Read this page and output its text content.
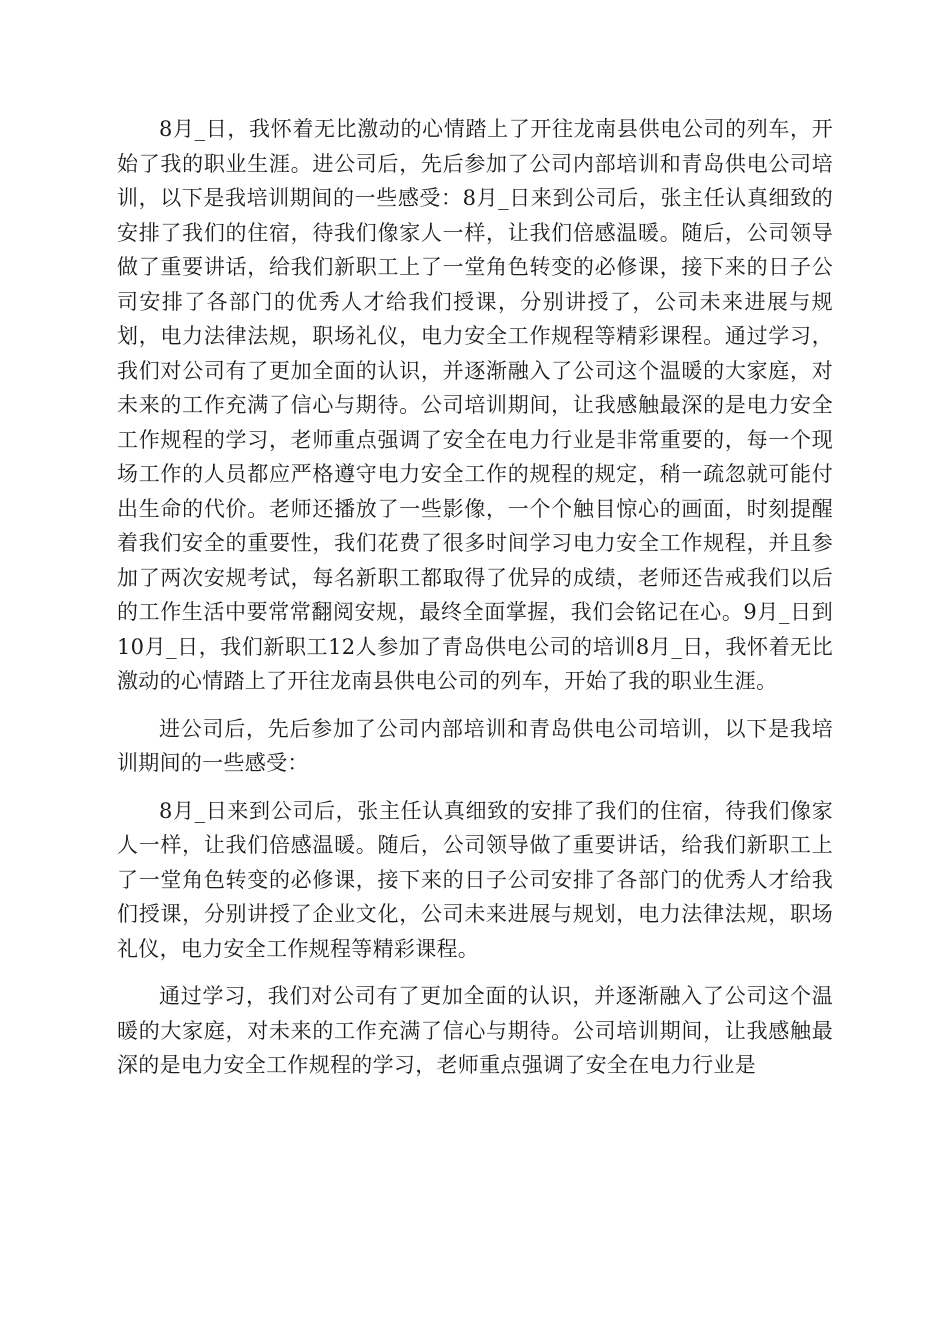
8月_日，我怀着无比激动的心情踏上了开往龙南县供电公司的列车，开始了我的职业生涯。进公司后，先后参加了公司内部培训和青岛供电公司培训，以下是我培训期间的一些感受：8月_日来到公司后，张主任认真细致的安排了我们的住宿，待我们像家人一样，让我们倍感温暖。随后，公司领导做了重要讲话，给我们新职工上了一堂角色转变的必修课，接下来的日子公司安排了各部门的优秀人才给我们授课，分别讲授了，公司未来进展与规划，电力法律法规，职场礼仪，电力安全工作规程等精彩课程。通过学习，我们对公司有了更加全面的认识，并逐渐融入了公司这个温暖的大家庭，对未来的工作充满了信心与期待。公司培训期间，让我感触最深的是电力安全工作规程的学习，老师重点强调了安全在电力行业是非常重要的，每一个现场工作的人员都应严格遵守电力安全工作的规程的规定，稍一疏忽就可能付出生命的代价。老师还播放了一些影像，一个个触目惊心的画面，时刻提醒着我们安全的重要性，我们花费了很多时间学习电力安全工作规程，并且参加了两次安规考试，每名新职工都取得了优异的成绩，老师还告戒我们以后的工作生活中要常常翻阅安规，最终全面掌握，我们会铭记在心。9月_日到10月_日，我们新职工12人参加了青岛供电公司的培训8月_日，我怀着无比激动的心情踏上了开往龙南县供电公司的列车，开始了我的职业生涯。

进公司后，先后参加了公司内部培训和青岛供电公司培训，以下是我培训期间的一些感受：

8月_日来到公司后，张主任认真细致的安排了我们的住宿，待我们像家人一样，让我们倍感温暖。随后，公司领导做了重要讲话，给我们新职工上了一堂角色转变的必修课，接下来的日子公司安排了各部门的优秀人才给我们授课，分别讲授了企业文化，公司未来进展与规划，电力法律法规，职场礼仪，电力安全工作规程等精彩课程。

通过学习，我们对公司有了更加全面的认识，并逐渐融入了公司这个温暖的大家庭，对未来的工作充满了信心与期待。公司培训期间，让我感触最深的是电力安全工作规程的学习，老师重点强调了安全在电力行业是
